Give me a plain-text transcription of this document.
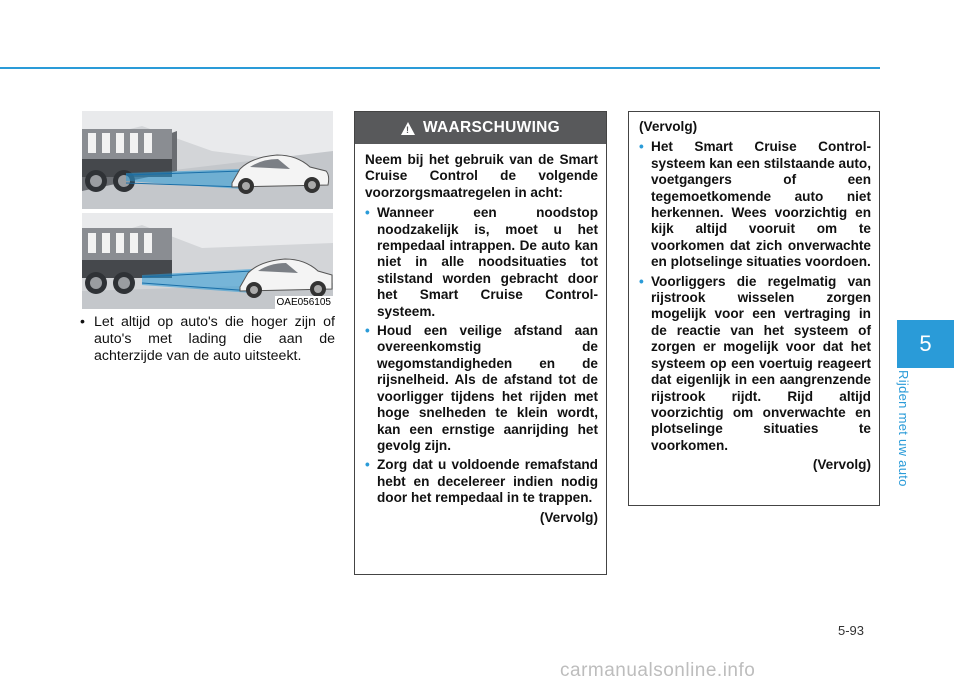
OAE056105
• Let altijd op auto's die hoger zijn of auto's met lading die aan de achterzijde van de auto uitsteekt.
! WAARSCHUWING

Neem bij het gebruik van de Smart Cruise Control de volgende voorzorgsmaatregelen in acht:

• Wanneer een noodstop noodzakelijk is, moet u het rempedaal intrappen. De auto kan niet in alle noodsituaties tot stilstand worden gebracht door het Smart Cruise Control-systeem.
• Houd een veilige afstand aan overeenkomstig de wegomstandigheden en de rijsnelheid. Als de afstand tot de voorligger tijdens het rijden met hoge snelheden te klein wordt, kan een ernstige aanrijding het gevolg zijn.
• Zorg dat u voldoende remafstand hebt en decelereer indien nodig door het rempedaal in te trappen.
(Vervolg)

(Vervolg)

• Het Smart Cruise Control-systeem kan een stilstaande auto, voetgangers of een tegemoetkomende auto niet herkennen. Wees voorzichtig en kijk altijd vooruit om te voorkomen dat zich onverwachte en plotselinge situaties voordoen.
• Voorliggers die regelmatig van rijstrook wisselen zorgen mogelijk voor een vertraging in de reactie van het systeem of zorgen er mogelijk voor dat het systeem op een voertuig reageert dat eigenlijk in een aangrenzende rijstrook rijdt. Rijd altijd voorzichtig om onverwachte en plotselinge situaties te voorkomen.
(Vervolg)
5
Rijden met uw auto
5-93
carmanualsonline.info
